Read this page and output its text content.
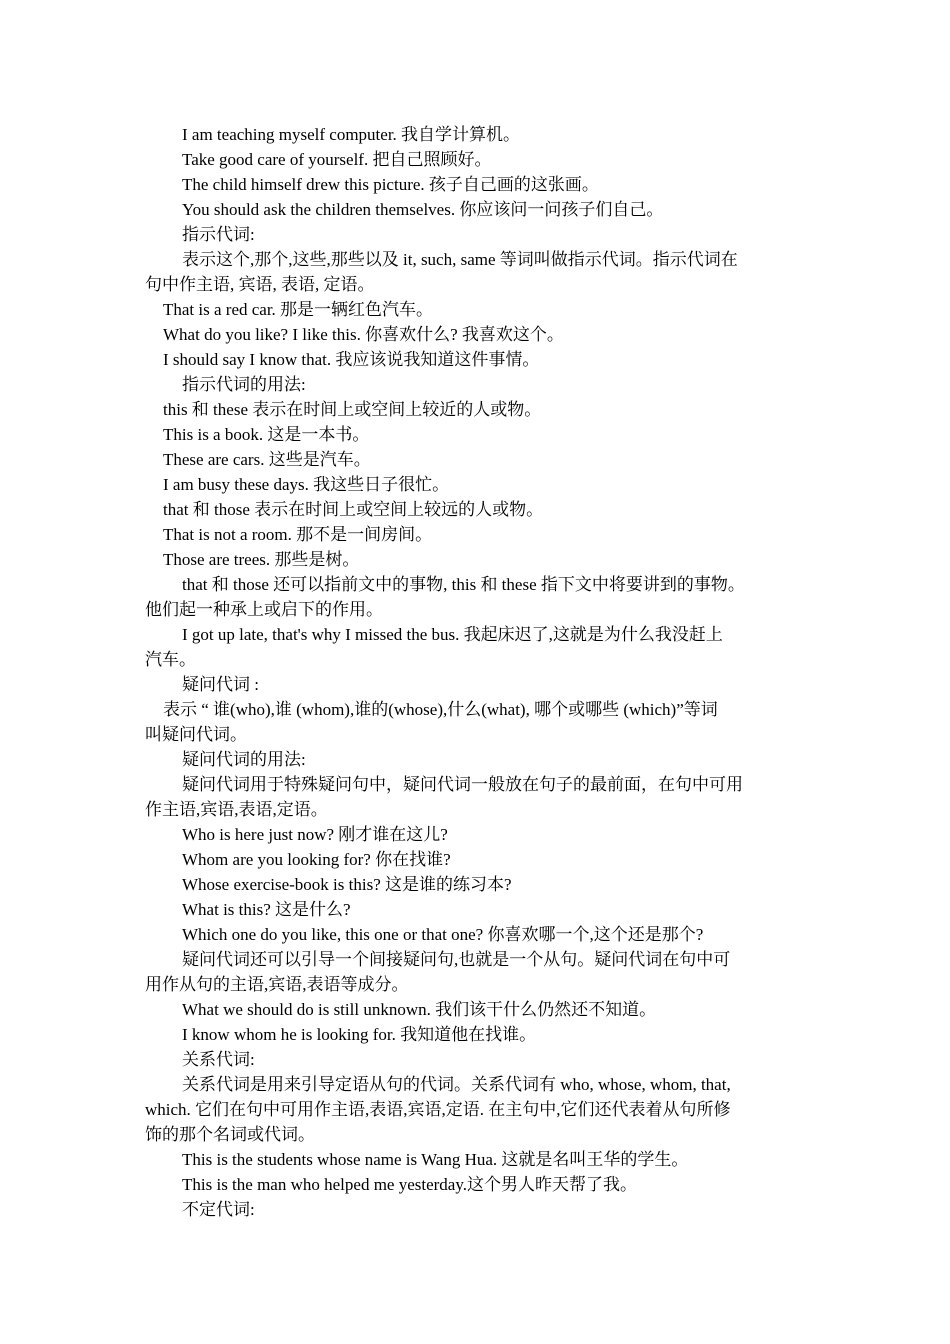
I am teaching myself computer. 我自学计算机。
Take good care of yourself. 把自己照顾好。
The child himself drew this picture. 孩子自己画的这张画。
You should ask the children themselves. 你应该问一问孩子们自己。
指示代词:
表示这个,那个,这些,那些以及 it, such, same 等词叫做指示代词。指示代词在
句中作主语, 宾语, 表语, 定语。
That is a red car. 那是一辆红色汽车。
What do you like? I like this. 你喜欢什么? 我喜欢这个。
I should say I know that. 我应该说我知道这件事情。
指示代词的用法:
this 和 these 表示在时间上或空间上较近的人或物。
This is a book. 这是一本书。
These are cars. 这些是汽车。
I am busy these days. 我这些日子很忙。
that 和 those 表示在时间上或空间上较远的人或物。
That is not a room. 那不是一间房间。
Those are trees. 那些是树。
that 和 those 还可以指前文中的事物, this 和 these 指下文中将要讲到的事物。
他们起一种承上或启下的作用。
I got up late, that's why I missed the bus. 我起床迟了,这就是为什么我没赶上
汽车。
疑问代词 :
表示 “ 谁(who),谁 (whom),谁的(whose),什么(what), 哪个或哪些 (which)”等词
叫疑问代词。
疑问代词的用法:
疑问代词用于特殊疑问句中，疑问代词一般放在句子的最前面，在句中可用
作主语,宾语,表语,定语。
Who is here just now? 刚才谁在这儿?
Whom are you looking for? 你在找谁?
Whose exercise-book is this? 这是谁的练习本?
What is this? 这是什么?
Which one do you like, this one or that one? 你喜欢哪一个,这个还是那个?
疑问代词还可以引导一个间接疑问句,也就是一个从句。疑问代词在句中可
用作从句的主语,宾语,表语等成分。
What we should do is still unknown. 我们该干什么仍然还不知道。
I know whom he is looking for. 我知道他在找谁。
关系代词:
关系代词是用来引导定语从句的代词。关系代词有 who, whose, whom, that,
which. 它们在句中可用作主语,表语,宾语,定语. 在主句中,它们还代表着从句所修
饰的那个名词或代词。
This is the students whose name is Wang Hua. 这就是名叫王华的学生。
This is the man who helped me yesterday.这个男人昨天帮了我。
不定代词:
